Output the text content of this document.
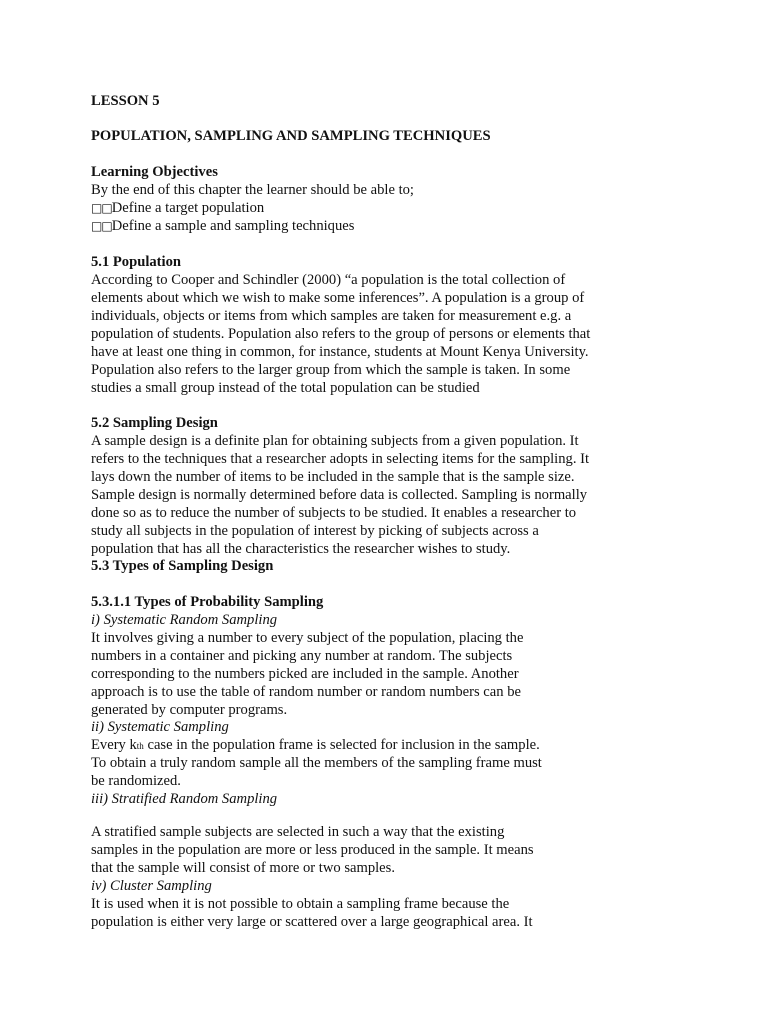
LESSON 5
POPULATION, SAMPLING AND SAMPLING TECHNIQUES
Learning Objectives
By the end of this chapter the learner should be able to;
□□Define a target population
□□Define a sample and sampling techniques
5.1 Population
According to Cooper and Schindler (2000) “a population is the total collection of
elements about which we wish to make some inferences”. A population is a group of
individuals, objects or items from which samples are taken for measurement e.g. a
population of students. Population also refers to the group of persons or elements that
have at least one thing in common, for instance, students at Mount Kenya University.
Population also refers to the larger group from which the sample is taken. In some
studies a small group instead of the total population can be studied
5.2 Sampling Design
A sample design is a definite plan for obtaining subjects from a given population. It
refers to the techniques that a researcher adopts in selecting items for the sampling. It
lays down the number of items to be included in the sample that is the sample size.
Sample design is normally determined before data is collected. Sampling is normally
done so as to reduce the number of subjects to be studied. It enables a researcher to
study all subjects in the population of interest by picking of subjects across a
population that has all the characteristics the researcher wishes to study.
5.3 Types of Sampling Design
5.3.1.1 Types of Probability Sampling
i) Systematic Random Sampling
It involves giving a number to every subject of the population, placing the
numbers in a container and picking any number at random. The subjects
corresponding to the numbers picked are included in the sample. Another
approach is to use the table of random number or random numbers can be
generated by computer programs.
ii) Systematic Sampling
Every kth case in the population frame is selected for inclusion in the sample.
To obtain a truly random sample all the members of the sampling frame must
be randomized.
iii) Stratified Random Sampling
A stratified sample subjects are selected in such a way that the existing
samples in the population are more or less produced in the sample. It means
that the sample will consist of more or two samples.
iv) Cluster Sampling
It is used when it is not possible to obtain a sampling frame because the
population is either very large or scattered over a large geographical area. It
